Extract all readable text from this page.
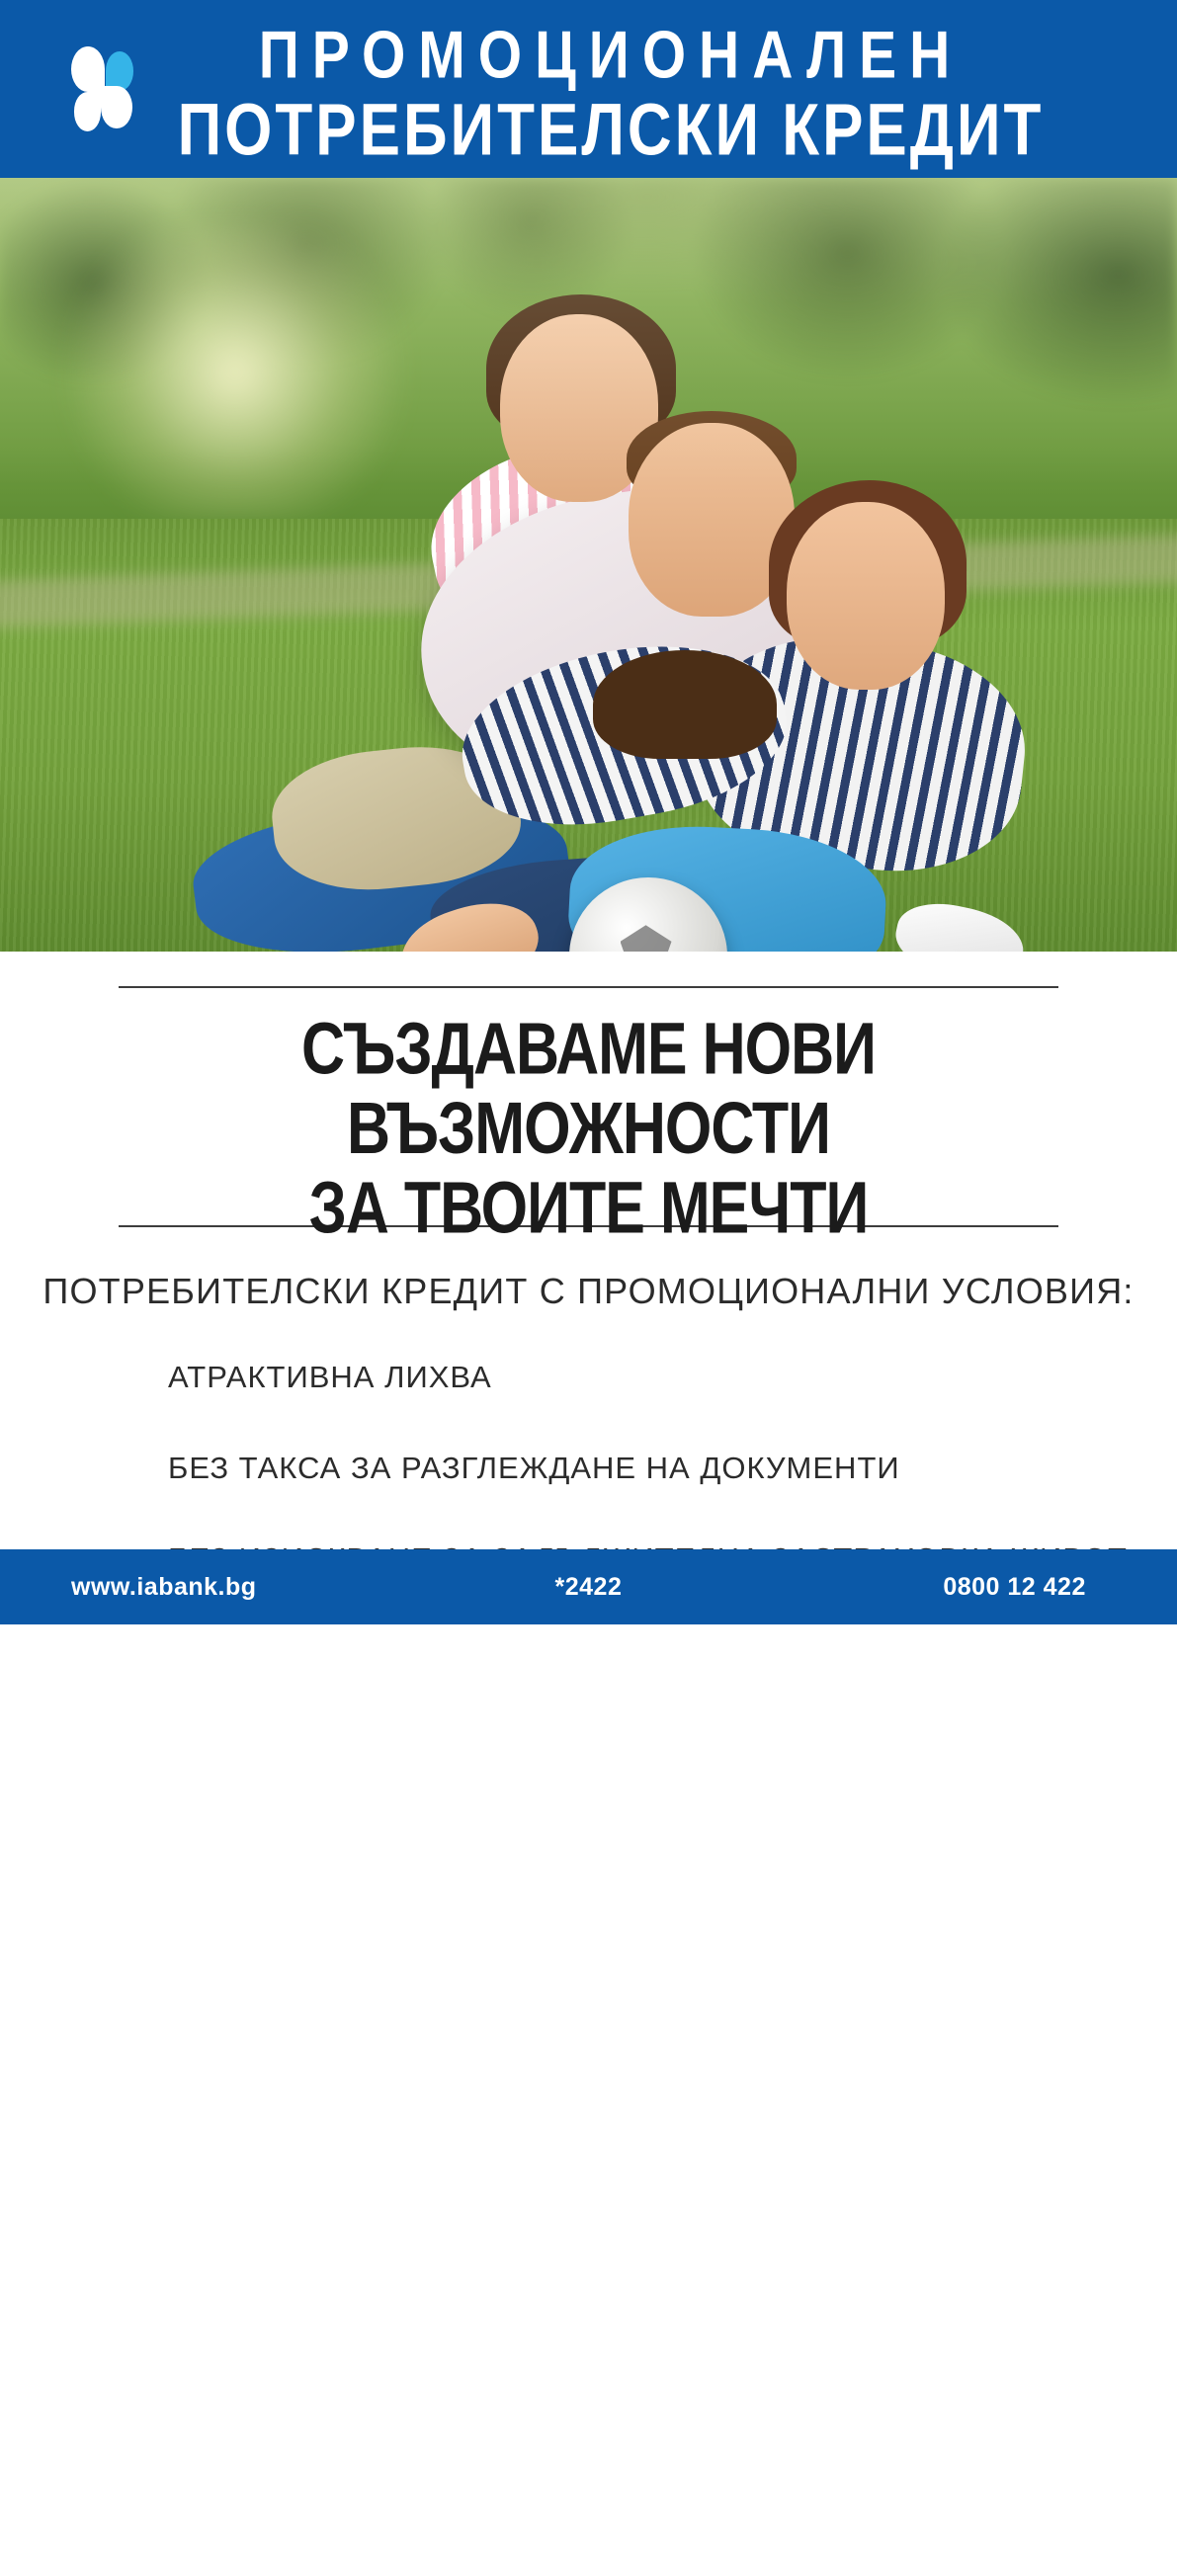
ПРОМОЦИОНАЛЕН
ПОТРЕБИТЕЛСКИ КРЕДИТ
СЪЗДАВАМЕ НОВИ ВЪЗМОЖНОСТИ
ЗА ТВОИТЕ МЕЧТИ
ПОТРЕБИТЕЛСКИ КРЕДИТ С ПРОМОЦИОНАЛНИ УСЛОВИЯ:
АТРАКТИВНА ЛИХВА
БЕЗ ТАКСА ЗА РАЗГЛЕЖДАНЕ НА ДОКУМЕНТИ
www.iabank.bg	*2422	0800 12 422
